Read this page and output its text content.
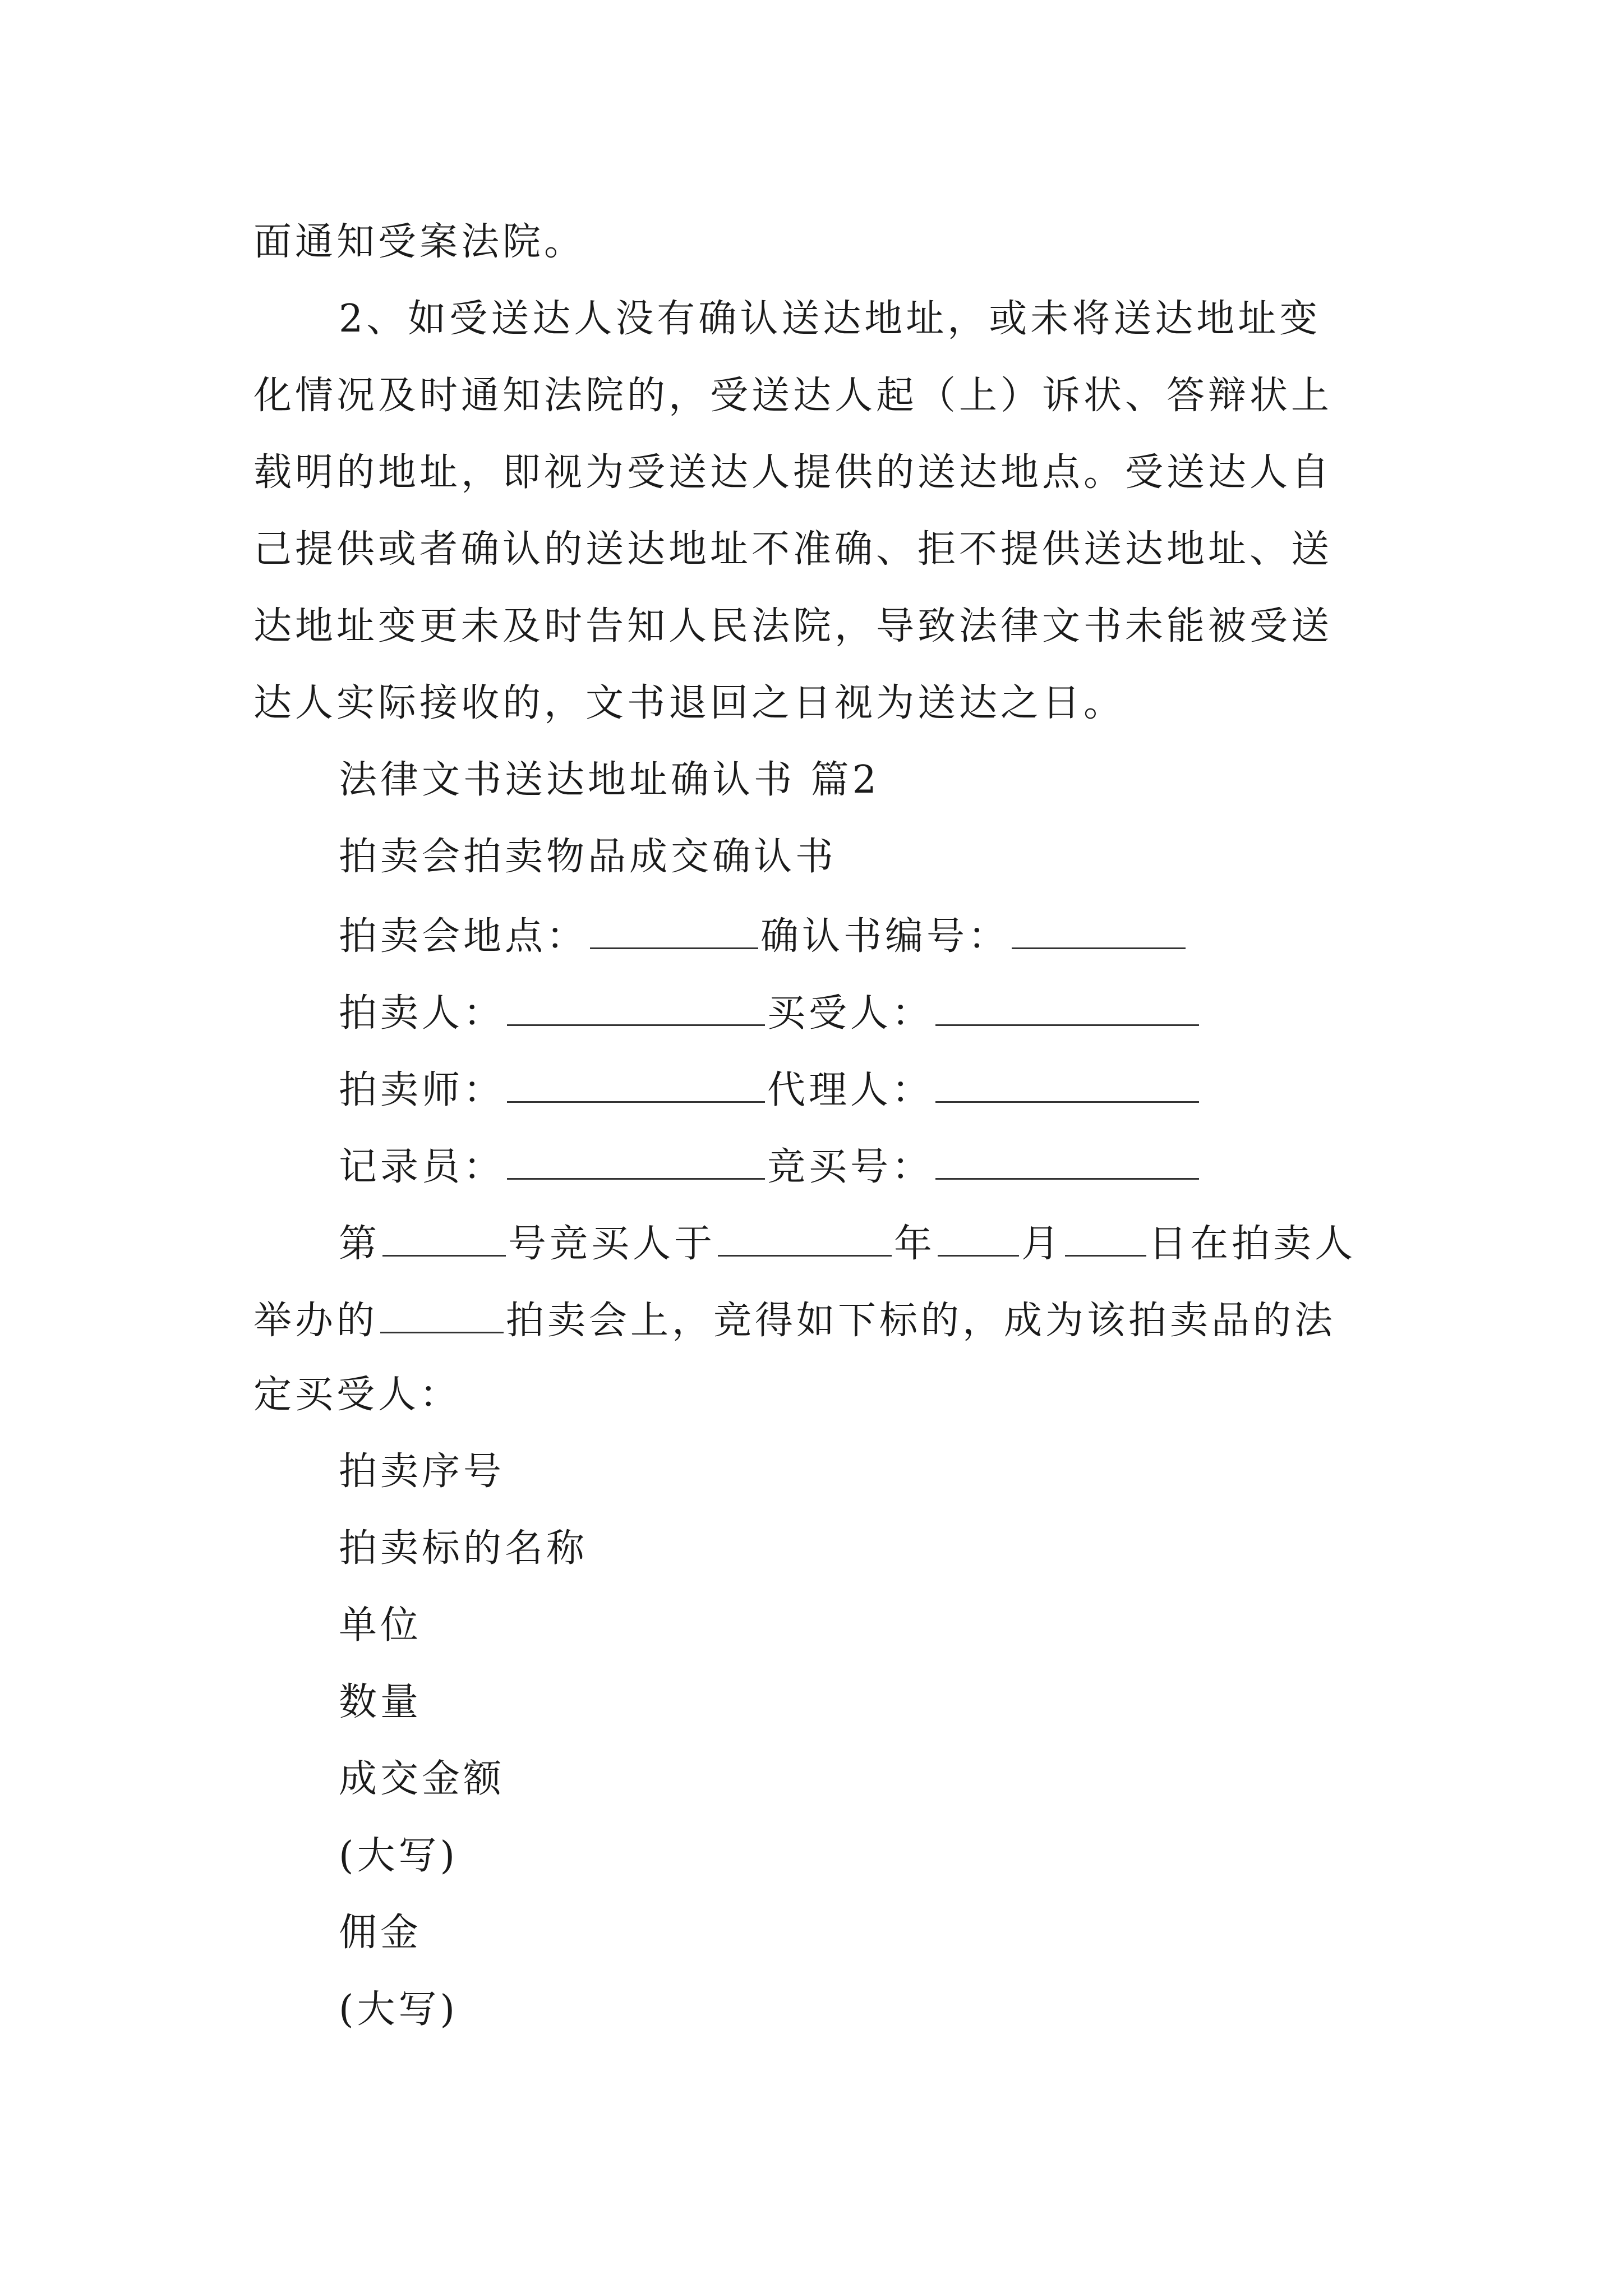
面通知受案法院。
2、如受送达人没有确认送达地址，或未将送达地址变
化情况及时通知法院的，受送达人起（上）诉状、答辩状上
载明的地址，即视为受送达人提供的送达地点。受送达人自
己提供或者确认的送达地址不准确、拒不提供送达地址、送
达地址变更未及时告知人民法院，导致法律文书未能被受送
达人实际接收的，文书退回之日视为送达之日。
法律文书送达地址确认书 篇2
拍卖会拍卖物品成交确认书
拍卖会地点：	确认书编号：
拍卖人：	买受人：
拍卖师：	代理人：
记录员：	竞买号：
第	号竞买人于	年 月 日在拍卖人
举办的	拍卖会上，竞得如下标的，成为该拍卖品的法
定买受人：
拍卖序号
拍卖标的名称
单位
数量
成交金额
(大写)
佣金
(大写)
